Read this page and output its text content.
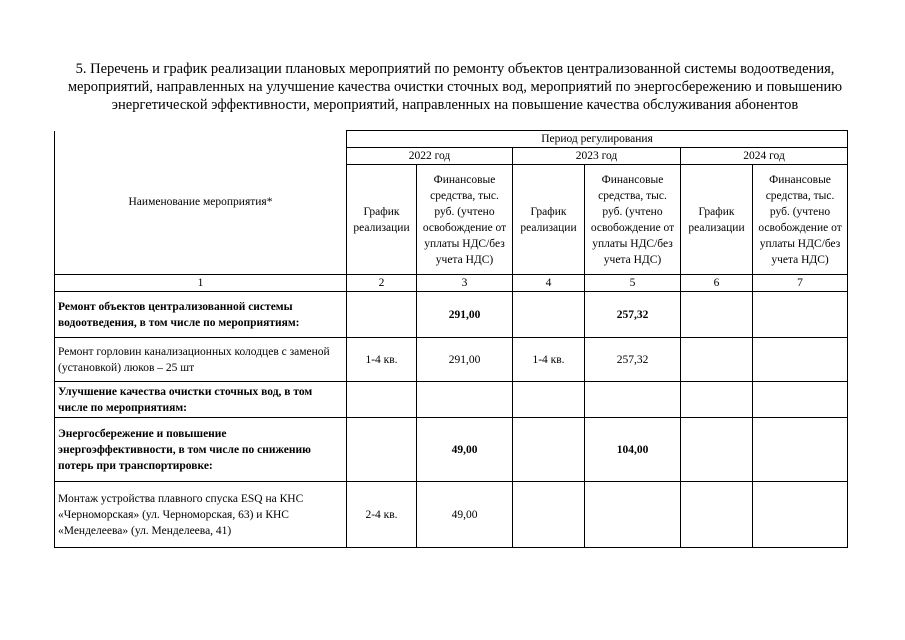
5. Перечень и график реализации плановых мероприятий по ремонту объектов централизованной системы водоотведения, мероприятий, направленных на улучшение качества очистки сточных вод, мероприятий по энергосбережению и повышению энергетической эффективности, мероприятий, направленных на повышение качества обслуживания абонентов
Наименование мероприятия*	Период регулирования					
	2022 год		2023 год		2024 год	
	График реализации	Финансовые средства, тыс. руб. (учтено освобождение от уплаты НДС/без учета НДС)	График реализации	Финансовые средства, тыс. руб. (учтено освобождение от уплаты НДС/без учета НДС)	График реализации	Финансовые средства, тыс. руб. (учтено освобождение от уплаты НДС/без учета НДС)
1	2	3	4	5	6	7
Ремонт объектов централизованной системы водоотведения, в том числе по мероприятиям:		291,00		257,32		
Ремонт горловин канализационных колодцев с заменой (установкой) люков – 25 шт	1-4 кв.	291,00	1-4 кв.	257,32		
Улучшение качества очистки сточных вод, в том числе по мероприятиям:						
Энергосбережение и повышение энергоэффективности, в том числе по снижению потерь при транспортировке:		49,00		104,00		
Монтаж устройства плавного спуска ESQ на КНС «Черноморская» (ул. Черноморская, 63) и КНС «Менделеева» (ул. Менделеева, 41)	2-4 кв.	49,00				
